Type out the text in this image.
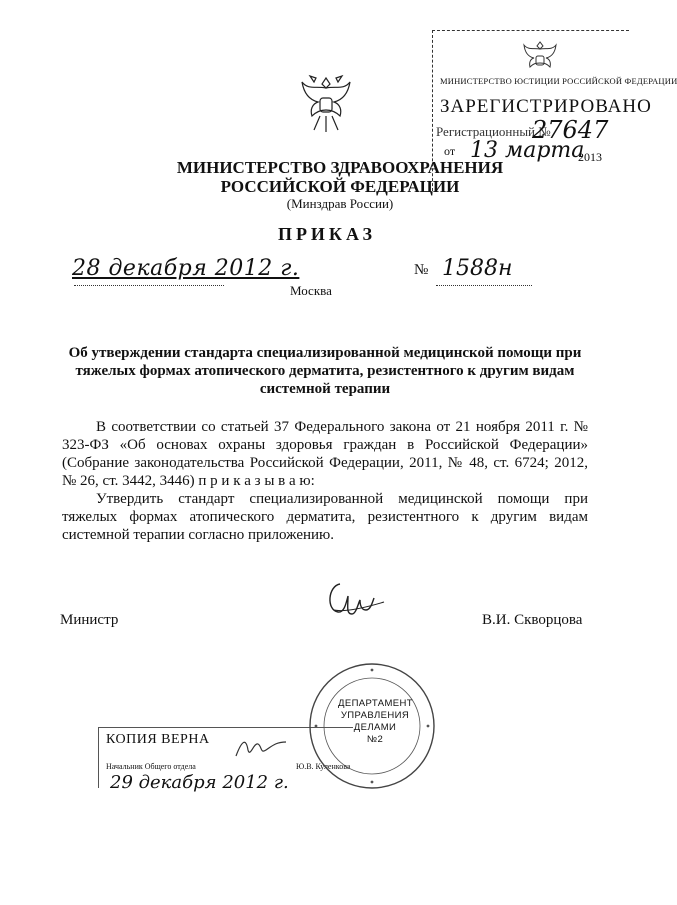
МИНИСТЕРСТВО ЮСТИЦИИ РОССИЙСКОЙ ФЕДЕРАЦИИ
ЗАРЕГИСТРИРОВАНО
Регистрационный №
27647
от 13 марта
2013
МИНИСТЕРСТВО ЗДРАВООХРАНЕНИЯ
РОССИЙСКОЙ ФЕДЕРАЦИИ
(Минздрав России)
ПРИКАЗ
28 декабря 2012 г.	№ 1588н
Москва
Об утверждении стандарта специализированной медицинской помощи при тяжелых формах атопического дерматита, резистентного к другим видам системной терапии
В соответствии со статьей 37 Федерального закона от 21 ноября 2011 г. № 323-ФЗ «Об основах охраны здоровья граждан в Российской Федерации» (Собрание законодательства Российской Федерации, 2011, № 48, ст. 6724; 2012, № 26, ст. 3442, 3446) п р и к а з ы в а ю:
Утвердить стандарт специализированной медицинской помощи при тяжелых формах атопического дерматита, резистентного к другим видам системной терапии согласно приложению.
Министр	В.И. Скворцова
КОПИЯ ВЕРНА
Начальник Общего отдела	Ю.В. Куленкова
29 декабря 2012 г.
ДЕПАРТАМЕНТ
УПРАВЛЕНИЯ
ДЕЛАМИ
№2
